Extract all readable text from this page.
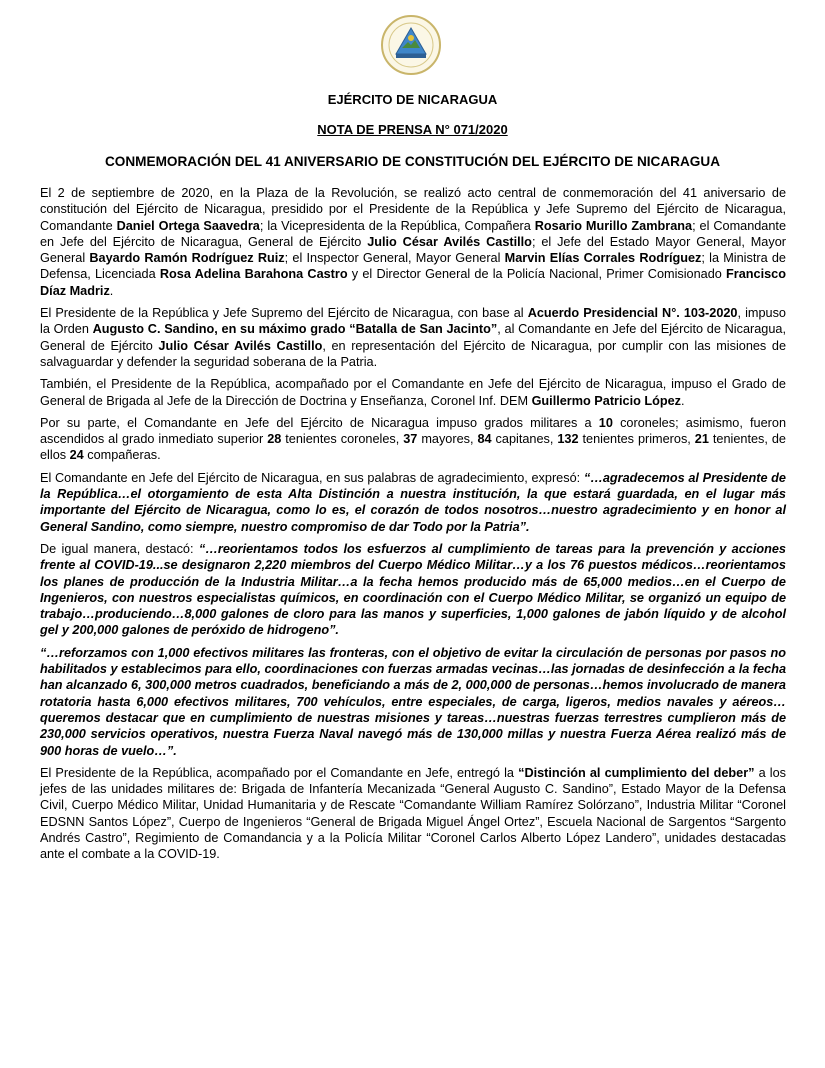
EJÉRCITO DE NICARAGUA
NOTA DE PRENSA N° 071/2020
CONMEMORACIÓN DEL 41 ANIVERSARIO DE CONSTITUCIÓN DEL EJÉRCITO DE NICARAGUA

El 2 de septiembre de 2020, en la Plaza de la Revolución, se realizó acto central de conmemoración del 41 aniversario de constitución del Ejército de Nicaragua, presidido por el Presidente de la República y Jefe Supremo del Ejército de Nicaragua, Comandante Daniel Ortega Saavedra; la Vicepresidenta de la República, Compañera Rosario Murillo Zambrana; el Comandante en Jefe del Ejército de Nicaragua, General de Ejército Julio César Avilés Castillo; el Jefe del Estado Mayor General, Mayor General Bayardo Ramón Rodríguez Ruiz; el Inspector General, Mayor General Marvin Elías Corrales Rodríguez; la Ministra de Defensa, Licenciada Rosa Adelina Barahona Castro y el Director General de la Policía Nacional, Primer Comisionado Francisco Díaz Madriz.

El Presidente de la República y Jefe Supremo del Ejército de Nicaragua, con base al Acuerdo Presidencial N°. 103-2020, impuso la Orden Augusto C. Sandino, en su máximo grado “Batalla de San Jacinto”, al Comandante en Jefe del Ejército de Nicaragua, General de Ejército Julio César Avilés Castillo, en representación del Ejército de Nicaragua, por cumplir con las misiones de salvaguardar y defender la seguridad soberana de la Patria.

También, el Presidente de la República, acompañado por el Comandante en Jefe del Ejército de Nicaragua, impuso el Grado de General de Brigada al Jefe de la Dirección de Doctrina y Enseñanza, Coronel Inf. DEM Guillermo Patricio López.

Por su parte, el Comandante en Jefe del Ejército de Nicaragua impuso grados militares a 10 coroneles; asimismo, fueron ascendidos al grado inmediato superior 28 tenientes coroneles, 37 mayores, 84 capitanes, 132 tenientes primeros, 21 tenientes, de ellos 24 compañeras.

El Comandante en Jefe del Ejército de Nicaragua, en sus palabras de agradecimiento, expresó: “…agradecemos al Presidente de la República…el otorgamiento de esta Alta Distinción a nuestra institución, la que estará guardada, en el lugar más importante del Ejército de Nicaragua, como lo es, el corazón de todos nosotros…nuestro agradecimiento y en honor al General Sandino, como siempre, nuestro compromiso de dar Todo por la Patria”.

De igual manera, destacó: “…reorientamos todos los esfuerzos al cumplimiento de tareas para la prevención y acciones frente al COVID-19...se designaron 2,220 miembros del Cuerpo Médico Militar…y a los 76 puestos médicos…reorientamos los planes de producción de la Industria Militar…a la fecha hemos producido más de 65,000 medios…en el Cuerpo de Ingenieros, con nuestros especialistas químicos, en coordinación con el Cuerpo Médico Militar, se organizó un equipo de trabajo…produciendo…8,000 galones de cloro para las manos y superficies, 1,000 galones de jabón líquido y de alcohol gel y 200,000 galones de peróxido de hidrogeno”.

“…reforzamos con 1,000 efectivos militares las fronteras, con el objetivo de evitar la circulación de personas por pasos no habilitados y establecimos para ello, coordinaciones con fuerzas armadas vecinas…las jornadas de desinfección a la fecha han alcanzado 6, 300,000 metros cuadrados, beneficiando a más de 2, 000,000 de personas…hemos involucrado de manera rotatoria hasta 6,000 efectivos militares, 700 vehículos, entre especiales, de carga, ligeros, medios navales y aéreos…queremos destacar que en cumplimiento de nuestras misiones y tareas…nuestras fuerzas terrestres cumplieron más de 230,000 servicios operativos, nuestra Fuerza Naval navegó más de 130,000 millas y nuestra Fuerza Aérea realizó más de 900 horas de vuelo…”.

El Presidente de la República, acompañado por el Comandante en Jefe, entregó la “Distinción al cumplimiento del deber” a los jefes de las unidades militares de: Brigada de Infantería Mecanizada “General Augusto C. Sandino”, Estado Mayor de la Defensa Civil, Cuerpo Médico Militar, Unidad Humanitaria y de Rescate “Comandante William Ramírez Solórzano”, Industria Militar “Coronel EDSNN Santos López”, Cuerpo de Ingenieros “General de Brigada Miguel Ángel Ortez”, Escuela Nacional de Sargentos “Sargento Andrés Castro”, Regimiento de Comandancia y a la Policía Militar “Coronel Carlos Alberto López Landero”, unidades destacadas ante el combate a la COVID-19.
